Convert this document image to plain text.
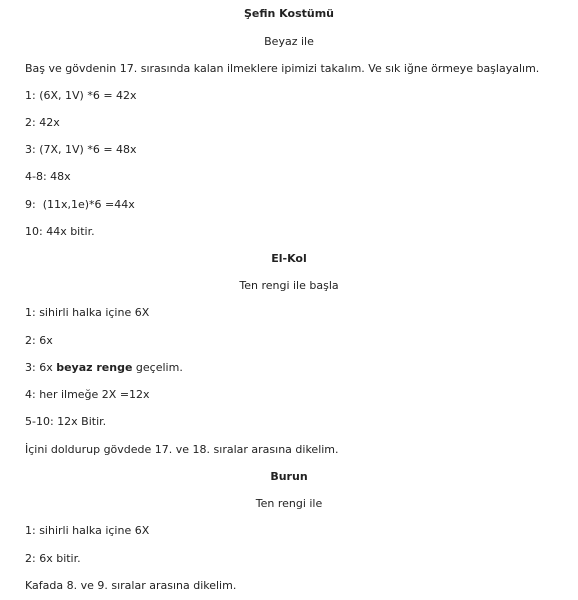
Şefin Kostümü
Beyaz ile
Baş ve gövdenin 17. sırasında kalan ilmeklere ipimizi takalım. Ve sık iğne örmeye başlayalım.
1: (6X, 1V) *6 = 42x
2: 42x
3: (7X, 1V) *6 = 48x
4-8: 48x
9:  (11x,1e)*6 =44x
10: 44x bitir.
El-Kol
Ten rengi ile başla
1: sihirli halka içine 6X
2: 6x
3: 6x beyaz renge geçelim.
4: her ilmeğe 2X =12x
5-10: 12x Bitir.
İçini doldurup gövdede 17. ve 18. sıralar arasına dikelim.
Burun
Ten rengi ile
1: sihirli halka içine 6X
2: 6x bitir.
Kafada 8. ve 9. sıralar arasına dikelim.
